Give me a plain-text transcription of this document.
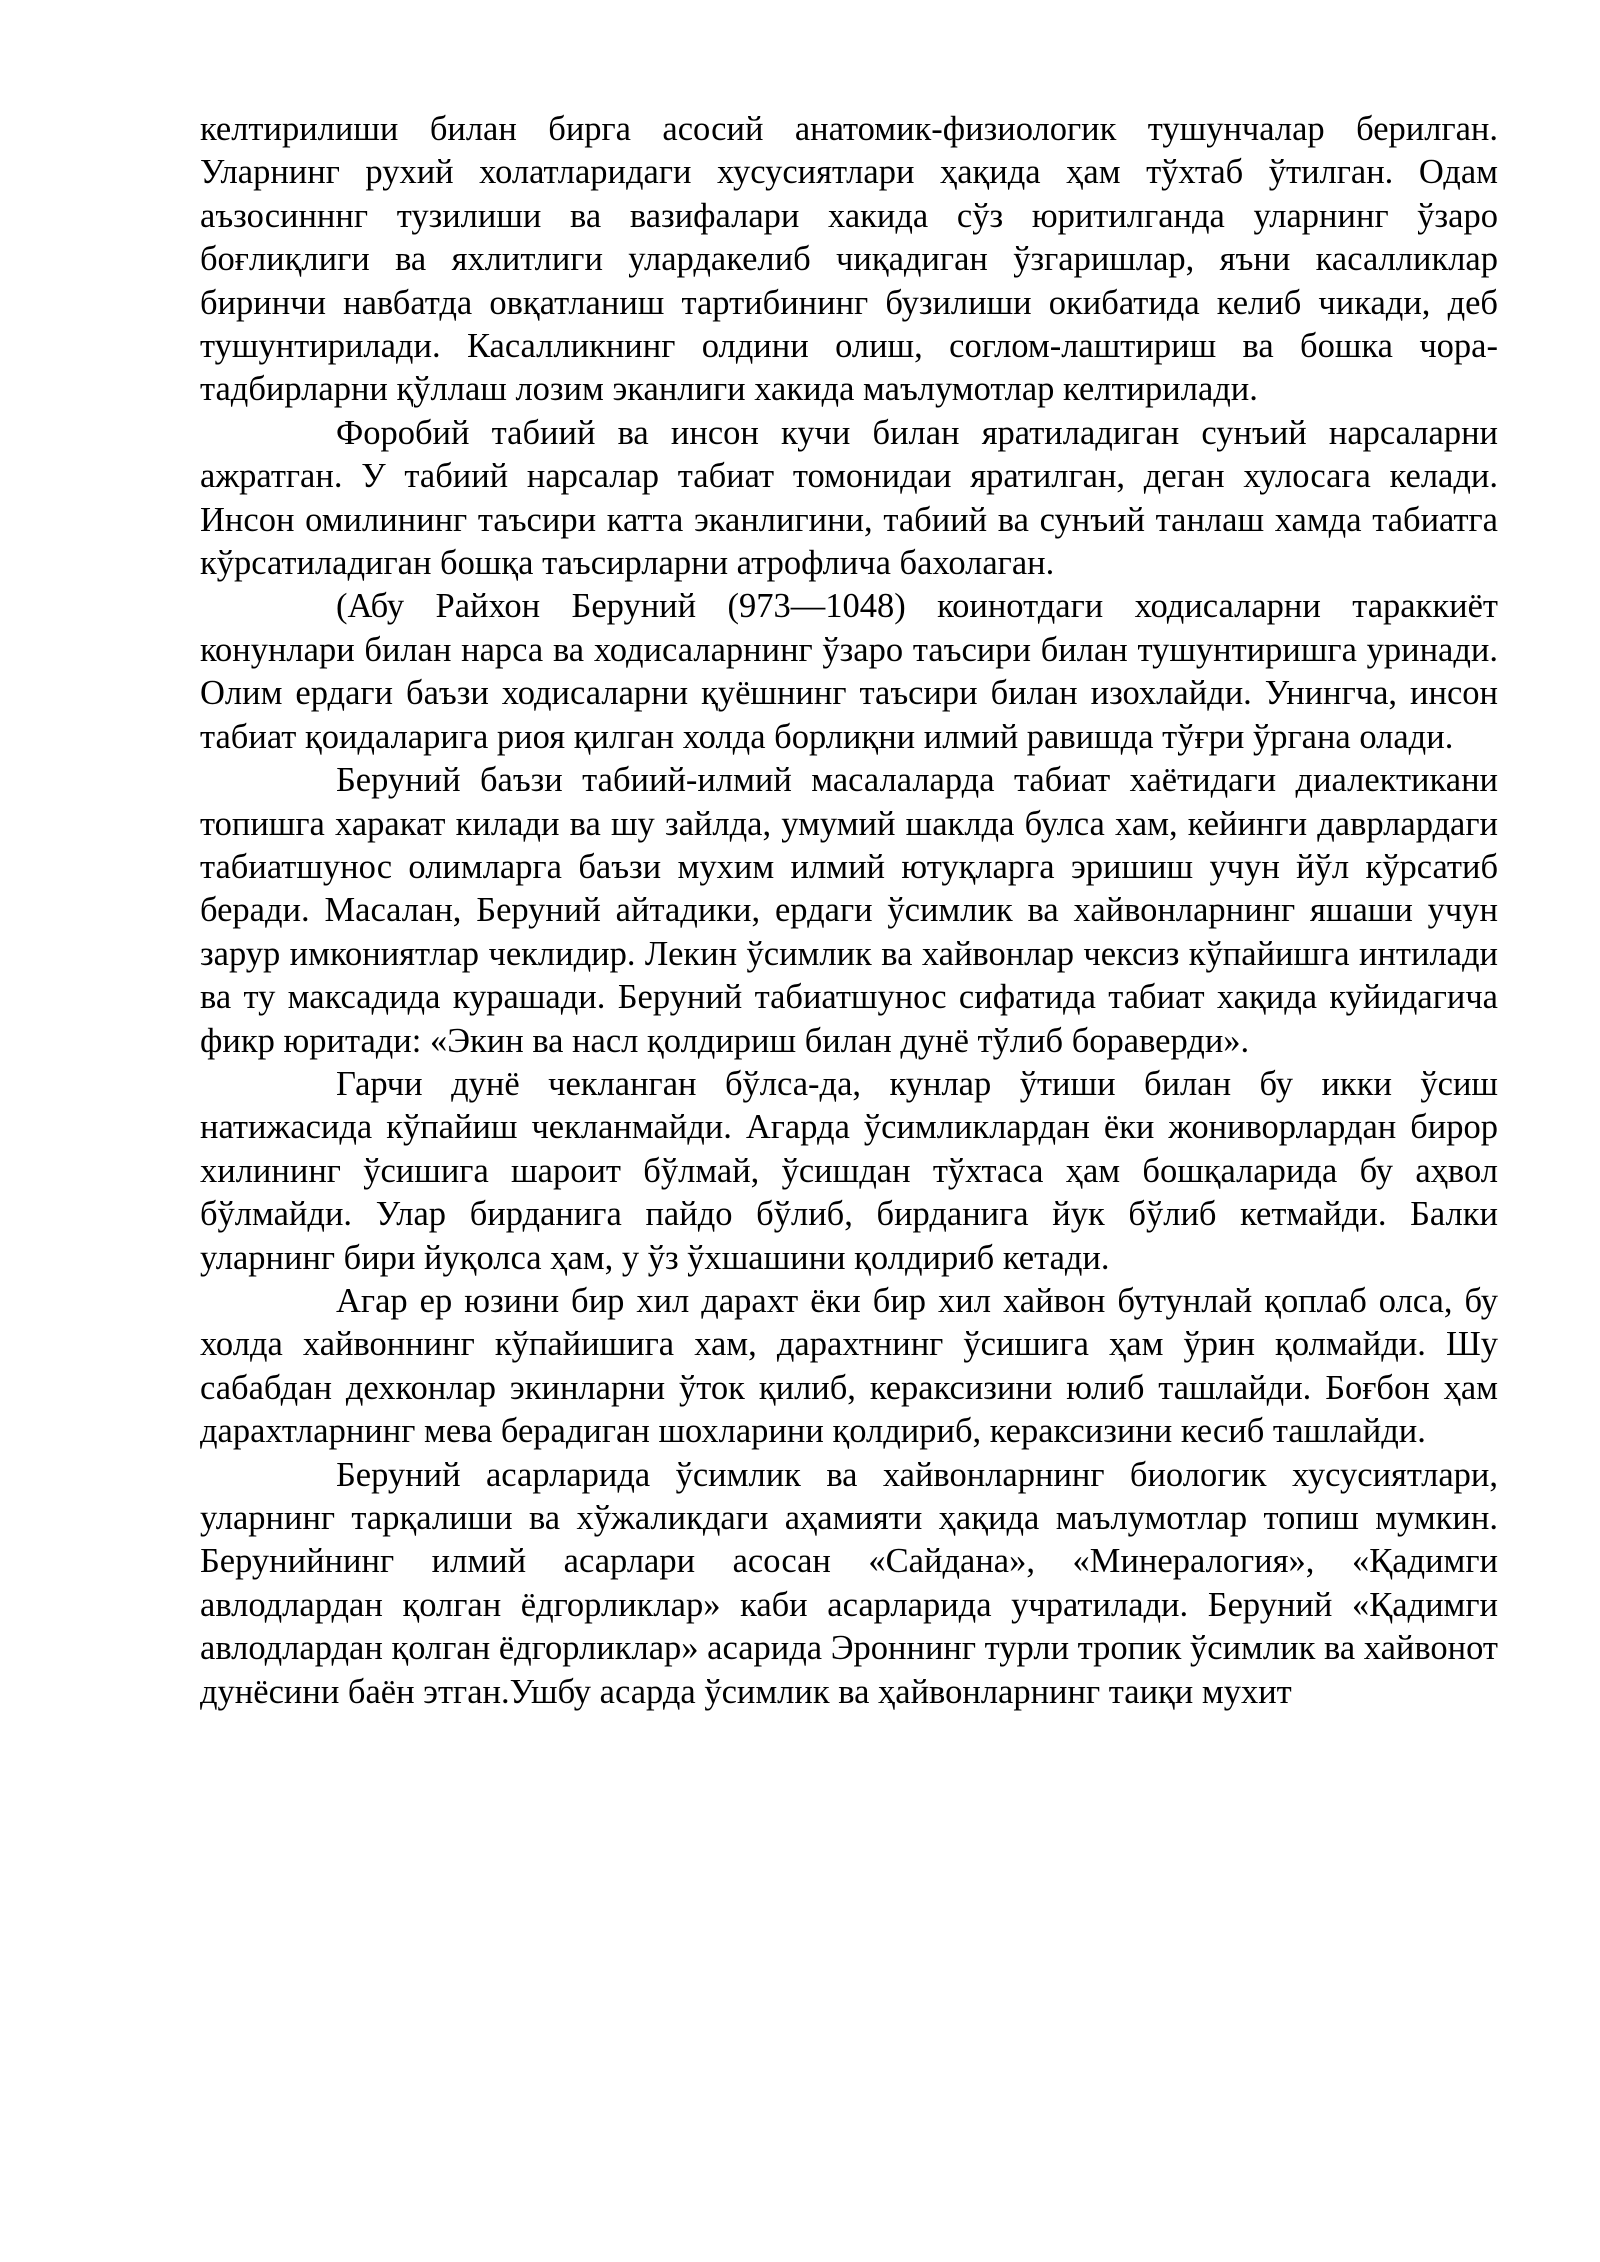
келтирилиши билан бирга асосий анатомик-физиологик тушунчалар берилган. Уларнинг рухий холатларидаги хусусиятлари ҳақида ҳам тўхтаб ўтилган. Одам аъзосинннг тузилиши ва вазифалари хакида сўз юритилганда уларнинг ўзаро боғлиқлиги ва яхлитлиги улардакелиб чиқадиган ўзгаришлар, яъни касалликлар биринчи навбатда овқатланиш тартибининг бузилиши окибатида келиб чикади, деб тушунтирилади. Касалликнинг олдини олиш, соглом-лаштириш ва бошка чора-тадбирларни қўллаш лозим эканлиги хакида маълумотлар келтирилади.

Форобий табиий ва инсон кучи билан яратиладиган сунъий нарсаларни ажратган. У табиий нарсалар табиат томонидаи яратилган, деган хулосага келади. Инсон омилининг таъсири катта эканлигини, табиий ва сунъий танлаш хамда табиатга кўрсатиладиган бошқа таъсирларни атрофлича бахолаган.

(Абу Райхон Беруний (973—1048) коинотдаги ходисаларни тараккиёт конунлари билан нарса ва ходисаларнинг ўзаро таъсири билан тушунтиришга уринади. Олим ердаги баъзи ходисаларни қуёшнинг таъсири билан изохлайди. Унингча, инсон табиат қоидаларига риоя қилган холда борлиқни илмий равишда тўғри ўргана олади.

Беруний баъзи табиий-илмий масалаларда табиат хаётидаги диалектикани топишга харакат килади ва шу зайлда, умумий шаклда булса хам, кейинги даврлардаги табиатшунос олимларга баъзи мухим илмий ютуқларга эришиш учун йўл кўрсатиб беради. Масалан, Беруний айтадики, ердаги ўсимлик ва хайвонларнинг яшаши учун зарур имкониятлар чеклидир. Лекин ўсимлик ва хайвонлар чексиз кўпайишга интилади ва ту максадида курашади. Беруний табиатшунос сифатида табиат хақида куйидагича фикр юритади: «Экин ва насл қолдириш билан дунё тўлиб бораверди».

Гарчи дунё чекланган бўлса-да, кунлар ўтиши билан бу икки ўсиш натижасида кўпайиш чекланмайди. Агарда ўсимликлардан ёки жониворлардан бирор хилининг ўсишига шароит бўлмай, ўсишдан тўхтаса ҳам бошқаларида бу аҳвол бўлмайди. Улар бирданига пайдо бўлиб, бирданига йук бўлиб кетмайди. Балки уларнинг бири йуқолса ҳам, у ўз ўхшашини қолдириб кетади.

Агар ер юзини бир хил дарахт ёки бир хил хайвон бутунлай қоплаб олса, бу холда хайвоннинг кўпайишига хам, дарахтнинг ўсишига ҳам ўрин қолмайди. Шу сабабдан дехконлар экинларни ўток қилиб, кераксизини юлиб ташлайди. Боғбон ҳам дарахтларнинг мева берадиган шохларини қолдириб, кераксизини кесиб ташлайди.

Беруний асарларида ўсимлик ва хайвонларнинг биологик хусусиятлари, уларнинг тарқалиши ва хўжаликдаги аҳамияти ҳақида маълумотлар топиш мумкин. Берунийнинг илмий асарлари асосан «Сайдана», «Минералогия», «Қадимги авлодлардан қолган ёдгорликлар» каби асарларида учратилади. Беруний «Қадимги авлодлардан қолган ёдгорликлар» асарида Эроннинг турли тропик ўсимлик ва хайвонот дунёсини баён этган.Ушбу асарда ўсимлик ва ҳайвонларнинг таиқи мухит
